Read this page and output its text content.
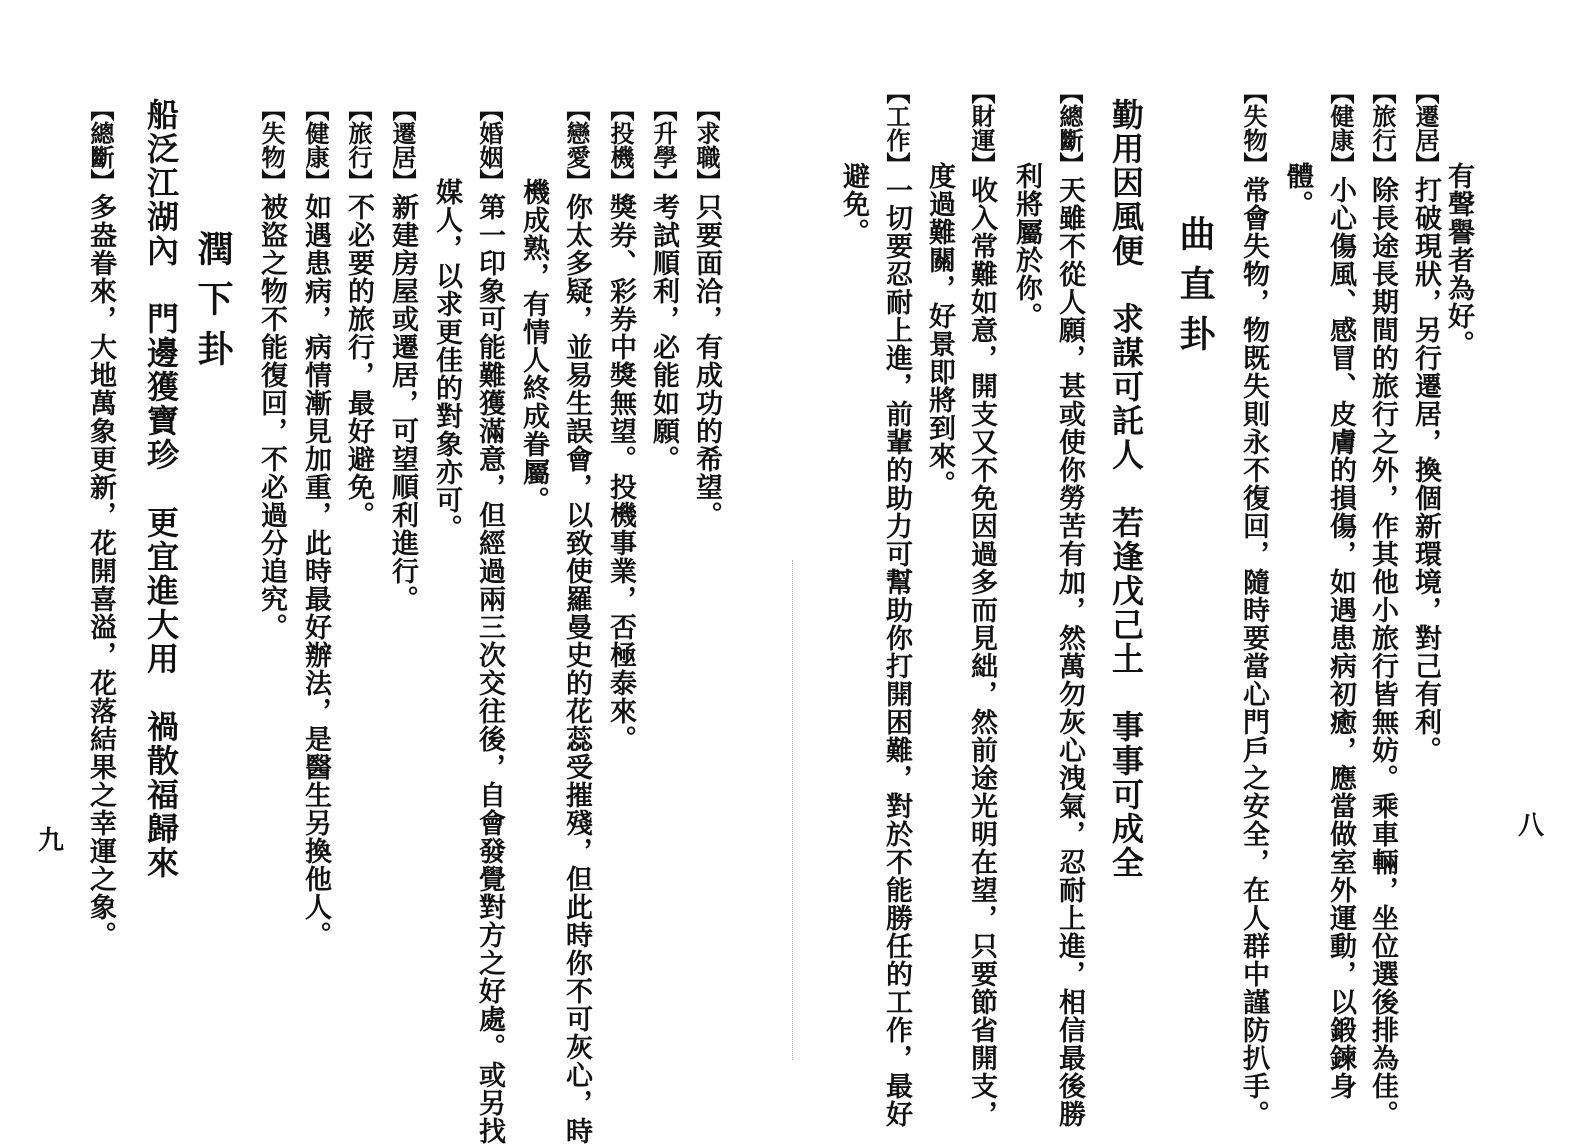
有聲譽者為好。
【遷居】打破現狀，另行遷居，換個新環境，對己有利。
【旅行】除長途長期間的旅行之外，作其他小旅行皆無妨。乘車輛，坐位選後排為佳。
【健康】小心傷風、感冒、皮膚的損傷，如遇患病初癒，應當做室外運動，以鍛鍊身
體。
【失物】常會失物，物既失則永不復回，隨時要當心門戶之安全，在人群中謹防扒手。
曲直卦
勤用因風便　求謀可託人　若逢戊己土　事事可成全
【總斷】天雖不從人願，甚或使你勞苦有加，然萬勿灰心洩氣，忍耐上進，相信最後勝
利將屬於你。
【財運】收入常難如意，開支又不免因過多而見絀，然前途光明在望，只要節省開支，
度過難關，好景即將到來。
【工作】一切要忍耐上進，前輩的助力可幫助你打開困難，對於不能勝任的工作，最好
避免。
八
【求職】只要面洽，有成功的希望。
【升學】考試順利，必能如願。
【投機】獎券、彩券中獎無望。投機事業，否極泰來。
【戀愛】你太多疑，並易生誤會，以致使羅曼史的花蕊受摧殘，但此時你不可灰心，時
機成熟，有情人終成眷屬。
【婚姻】第一印象可能難獲滿意，但經過兩三次交往後，自會發覺對方之好處。或另找
媒人，以求更佳的對象亦可。
【遷居】新建房屋或遷居，可望順利進行。
【旅行】不必要的旅行，最好避免。
【健康】如遇患病，病情漸見加重，此時最好辦法，是醫生另換他人。
【失物】被盜之物不能復回，不必過分追究。
潤下卦
船泛江湖內　門邊獲寶珍　更宜進大用　禍散福歸來
【總斷】多盎眷來，大地萬象更新，花開喜溢，花落結果之幸運之象。
九
